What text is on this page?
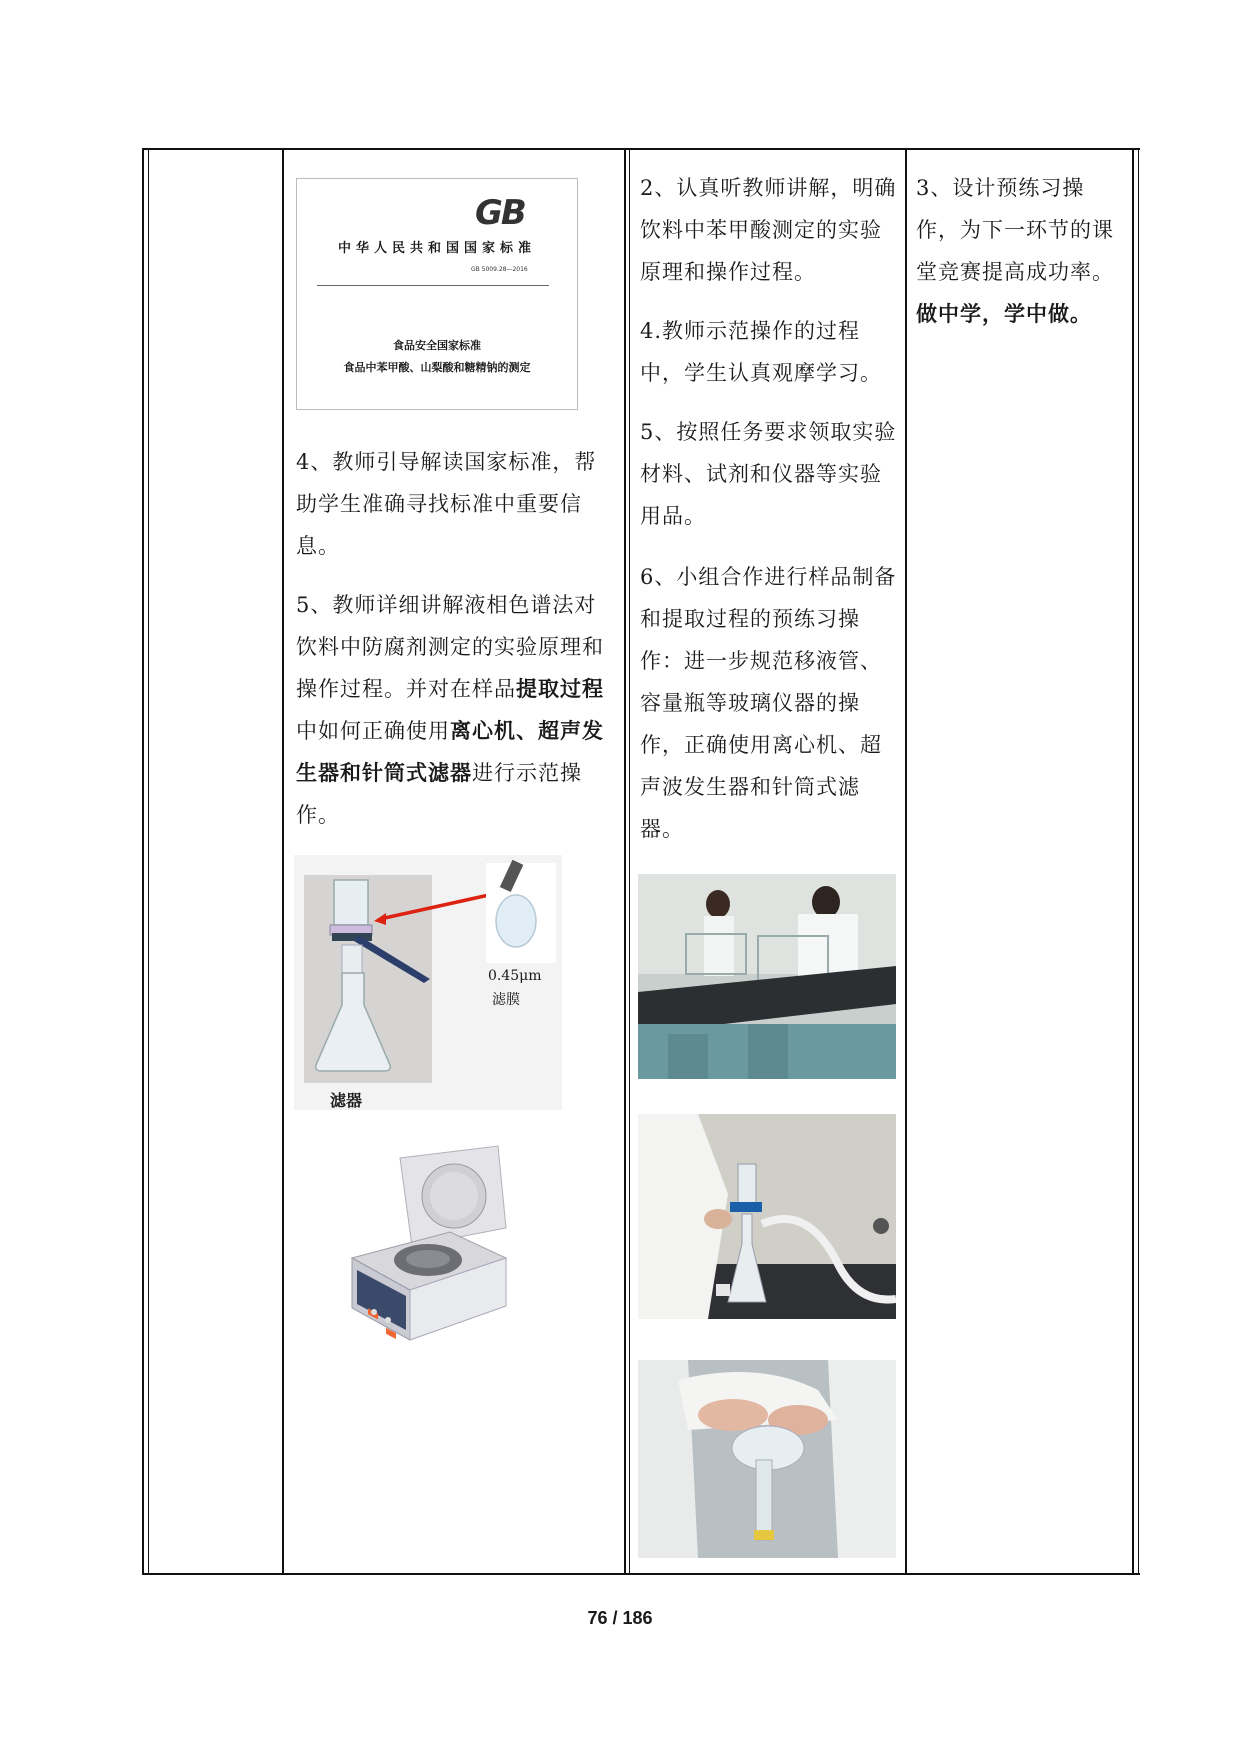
GB
中华人民共和国国家标准
GB 5009.28—2016
食品安全国家标准
食品中苯甲酸、山梨酸和糖精钠的测定
4、教师引导解读国家标准，帮助学生准确寻找标准中重要信息。
5、教师详细讲解液相色谱法对饮料中防腐剂测定的实验原理和操作过程。并对在样品提取过程中如何正确使用离心机、超声发生器和针筒式滤器进行示范操作。
0.45μm
滤膜
滤器
2、认真听教师讲解，明确饮料中苯甲酸测定的实验原理和操作过程。
4.教师示范操作的过程中，学生认真观摩学习。
5、按照任务要求领取实验材料、试剂和仪器等实验用品。
6、小组合作进行样品制备和提取过程的预练习操作：进一步规范移液管、容量瓶等玻璃仪器的操作，正确使用离心机、超声波发生器和针筒式滤器。
3、设计预练习操作，为下一环节的课堂竞赛提高成功率。做中学，学中做。
76 / 186
